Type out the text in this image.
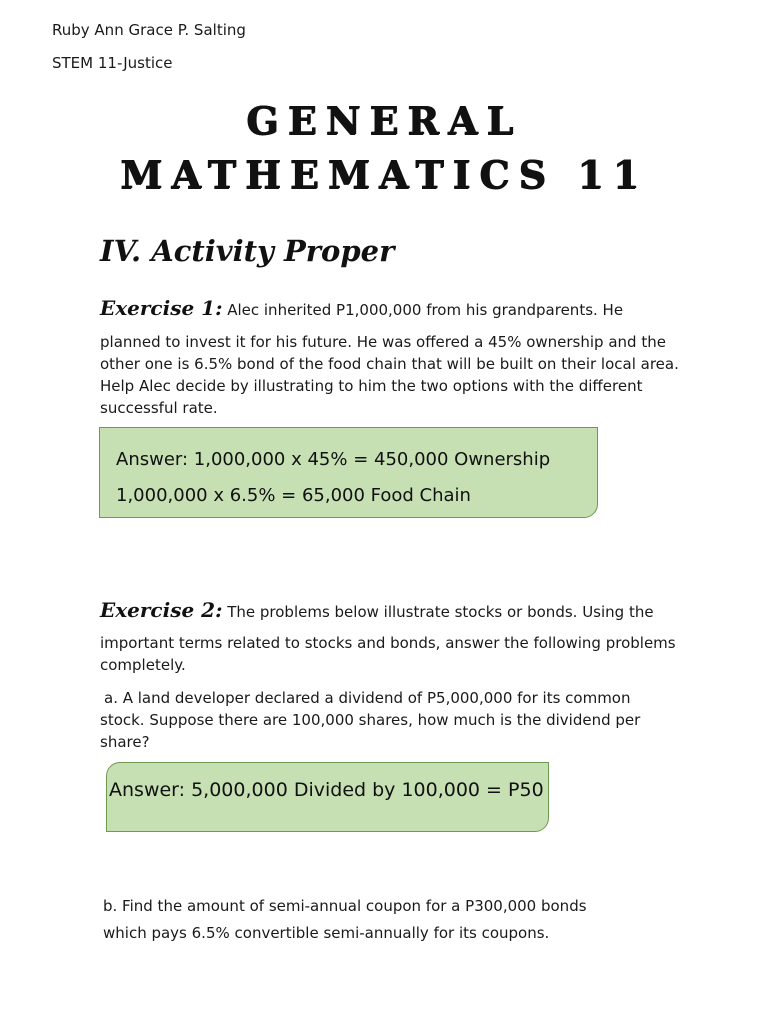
Ruby Ann Grace P. Salting
STEM 11-Justice
GENERAL
MATHEMATICS 11
IV. Activity Proper
Exercise 1: Alec inherited P1,000,000 from his grandparents. He
planned to invest it for his future. He was offered a 45% ownership and the other one is 6.5% bond of the food chain that will be built on their local area. Help Alec decide by illustrating to him the two options with the different successful rate.
Answer: 1,000,000 x 45% = 450,000 Ownership
1,000,000 x 6.5% = 65,000 Food Chain
Exercise 2: The problems below illustrate stocks or bonds. Using the
important terms related to stocks and bonds, answer the following problems completely.
a. A land developer declared a dividend of P5,000,000 for its common stock. Suppose there are 100,000 shares, how much is the dividend per share?
Answer: 5,000,000 Divided by 100,000 = P50
b. Find the amount of semi-annual coupon for a P300,000 bonds
which pays 6.5% convertible semi-annually for its coupons.
